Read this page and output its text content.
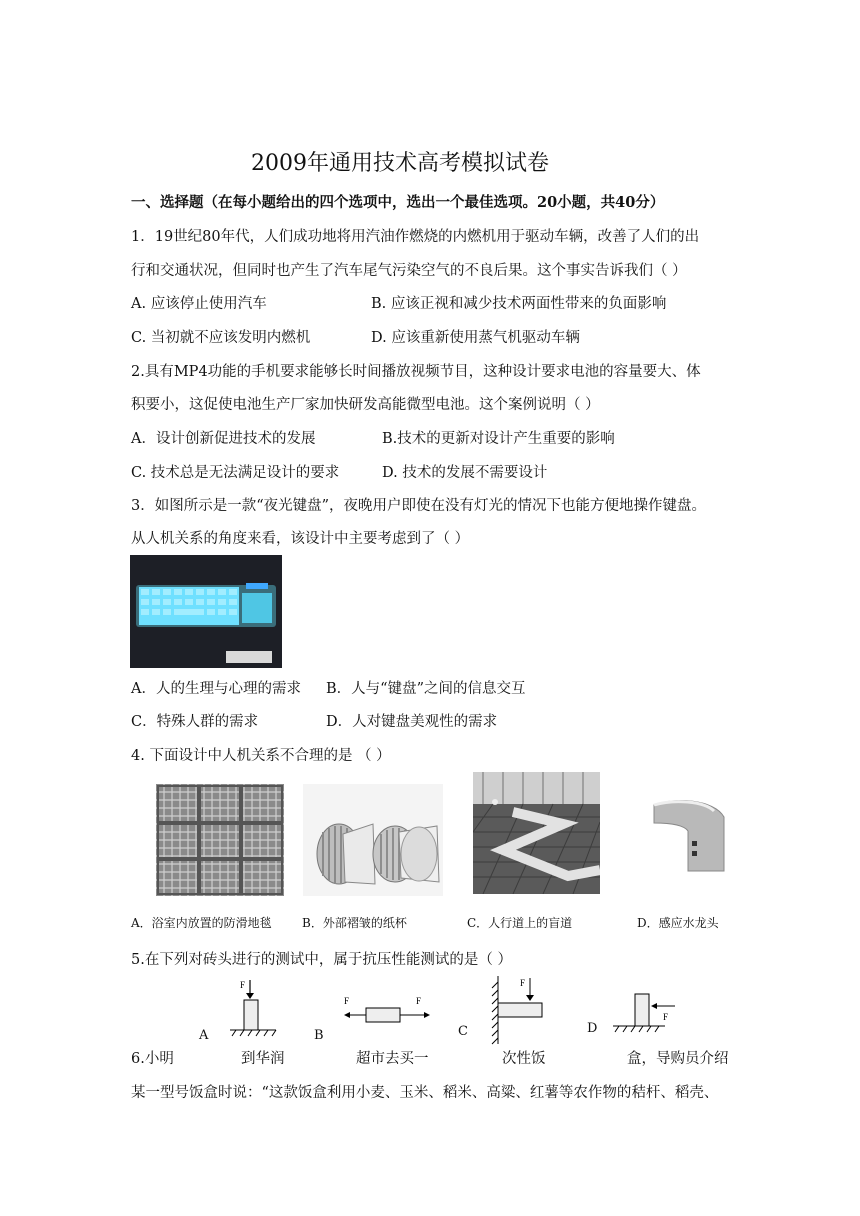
2009年通用技术高考模拟试卷
一、选择题（在每小题给出的四个选项中，选出一个最佳选项。20小题，共40分）
1．19世纪80年代，人们成功地将用汽油作燃烧的内燃机用于驱动车辆，改善了人们的出
行和交通状况，但同时也产生了汽车尾气污染空气的不良后果。这个事实告诉我们（ ）
A. 应该停止使用汽车	B. 应该正视和减少技术两面性带来的负面影响
C. 当初就不应该发明内燃机	D. 应该重新使用蒸气机驱动车辆
2.具有MP4功能的手机要求能够长时间播放视频节目，这种设计要求电池的容量要大、体
积要小，这促使电池生产厂家加快研发高能微型电池。这个案例说明（ ）
A．设计创新促进技术的发展	B.技术的更新对设计产生重要的影响
C. 技术总是无法满足设计的要求	D. 技术的发展不需要设计
3．如图所示是一款“夜光键盘”，夜晚用户即使在没有灯光的情况下也能方便地操作键盘。
从人机关系的角度来看，该设计中主要考虑到了（ ）
A．人的生理与心理的需求 B．人与“键盘”之间的信息交互
C．特殊人群的需求	D．人对键盘美观性的需求
4. 下面设计中人机关系不合理的是 （ ）
A．浴室内放置的防滑地毯	B．外部褶皱的纸杯	C．人行道上的盲道	D．感应水龙头
5.在下列对砖头进行的测试中，属于抗压性能测试的是（ ）
F
A
F	F
B
F
C
F
D
6.小明	到华润	超市去买一	次性饭	盒，导购员介绍
某一型号饭盒时说：“这款饭盒利用小麦、玉米、稻米、高粱、红薯等农作物的秸杆、稻壳、
